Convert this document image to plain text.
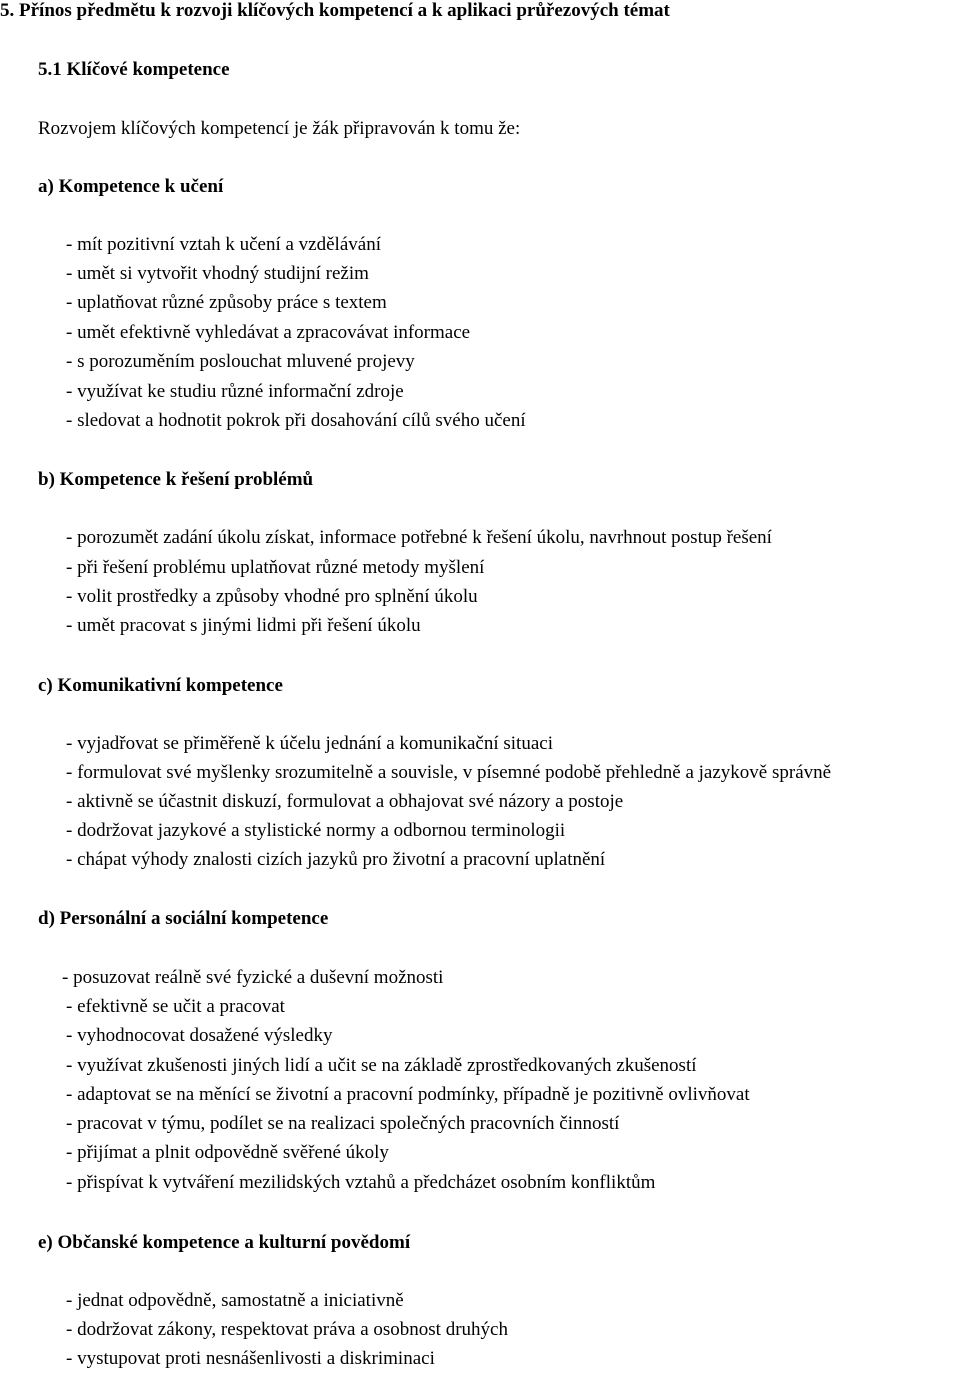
5. Přínos předmětu k rozvoji klíčových kompetencí a k aplikaci průřezových témat
5.1 Klíčové kompetence
Rozvojem klíčových kompetencí je žák připravován k tomu že:
a) Kompetence k učení
- mít pozitivní vztah k učení a vzdělávání
- umět si vytvořit vhodný studijní režim
- uplatňovat různé způsoby práce s textem
- umět efektivně vyhledávat a zpracovávat informace
- s porozuměním poslouchat mluvené projevy
- využívat ke studiu různé informační zdroje
- sledovat a hodnotit pokrok při dosahování cílů svého učení
b) Kompetence k řešení problémů
- porozumět zadání úkolu získat, informace potřebné k řešení úkolu, navrhnout postup řešení
- při řešení problému uplatňovat různé metody myšlení
- volit prostředky a způsoby vhodné pro splnění úkolu
- umět pracovat s jinými lidmi při řešení úkolu
c) Komunikativní kompetence
- vyjadřovat se přiměřeně k účelu jednání a komunikační situaci
- formulovat své myšlenky srozumitelně a souvisle, v písemné podobě přehledně a jazykově správně
- aktivně se účastnit diskuzí, formulovat a obhajovat své názory a postoje
- dodržovat jazykové a stylistické normy a odbornou terminologii
- chápat výhody znalosti cizích jazyků pro životní a pracovní uplatnění
d) Personální a sociální kompetence
- posuzovat reálně své fyzické a duševní možnosti
- efektivně se učit a pracovat
- vyhodnocovat dosažené výsledky
- využívat zkušenosti jiných lidí a učit se na základě zprostředkovaných zkušeností
- adaptovat se na měnící se životní a pracovní podmínky, případně je pozitivně ovlivňovat
- pracovat v týmu, podílet se na realizaci společných pracovních činností
- přijímat a plnit odpovědně svěřené úkoly
- přispívat k vytváření mezilidských vztahů a předcházet osobním konfliktům
e) Občanské kompetence a kulturní povědomí
- jednat odpovědně, samostatně a iniciativně
- dodržovat zákony, respektovat práva a osobnost druhých
- vystupovat proti nesnášenlivosti a diskriminaci
